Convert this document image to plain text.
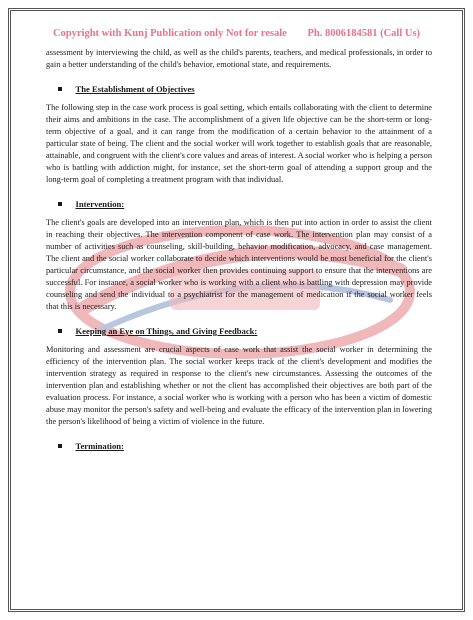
Copyright with Kunj Publication only Not for resale Ph. 8006184581 (Call Us)

assessment by interviewing the child, as well as the child's parents, teachers, and medical professionals, in order to gain a better understanding of the child's behavior, emotional state, and requirements.

The Establishment of Objectives

The following step in the case work process is goal setting, which entails collaborating with the client to determine their aims and ambitions in the case. The accomplishment of a given life objective can be the short-term or long-term objective of a goal, and it can range from the modification of a certain behavior to the attainment of a particular state of being. The client and the social worker will work together to establish goals that are reasonable, attainable, and congruent with the client's core values and areas of interest. A social worker who is helping a person who is battling with addiction might, for instance, set the short-term goal of attending a support group and the long-term goal of completing a treatment program with that individual.

Intervention:

The client's goals are developed into an intervention plan, which is then put into action in order to assist the client in reaching their objectives. The intervention component of case work. The intervention plan may consist of a number of activities such as counseling, skill-building, behavior modification, advocacy, and case management. The client and the social worker collaborate to decide which interventions would be most beneficial for the client's particular circumstance, and the social worker then provides continuing support to ensure that the interventions are successful. For instance, a social worker who is working with a client who is battling with depression may provide counseling and send the individual to a psychiatrist for the management of medication if the social worker feels that this is necessary.

Keeping an Eye on Things, and Giving Feedback:

Monitoring and assessment are crucial aspects of case work that assist the social worker in determining the efficiency of the intervention plan. The social worker keeps track of the client's development and modifies the intervention strategy as required in response to the client's new circumstances. Assessing the outcomes of the intervention plan and establishing whether or not the client has accomplished their objectives are both part of the evaluation process. For instance, a social worker who is working with a person who has been a victim of domestic abuse may monitor the person's safety and well-being and evaluate the efficacy of the intervention plan in lowering the person's likelihood of being a victim of violence in the future.

Termination:
